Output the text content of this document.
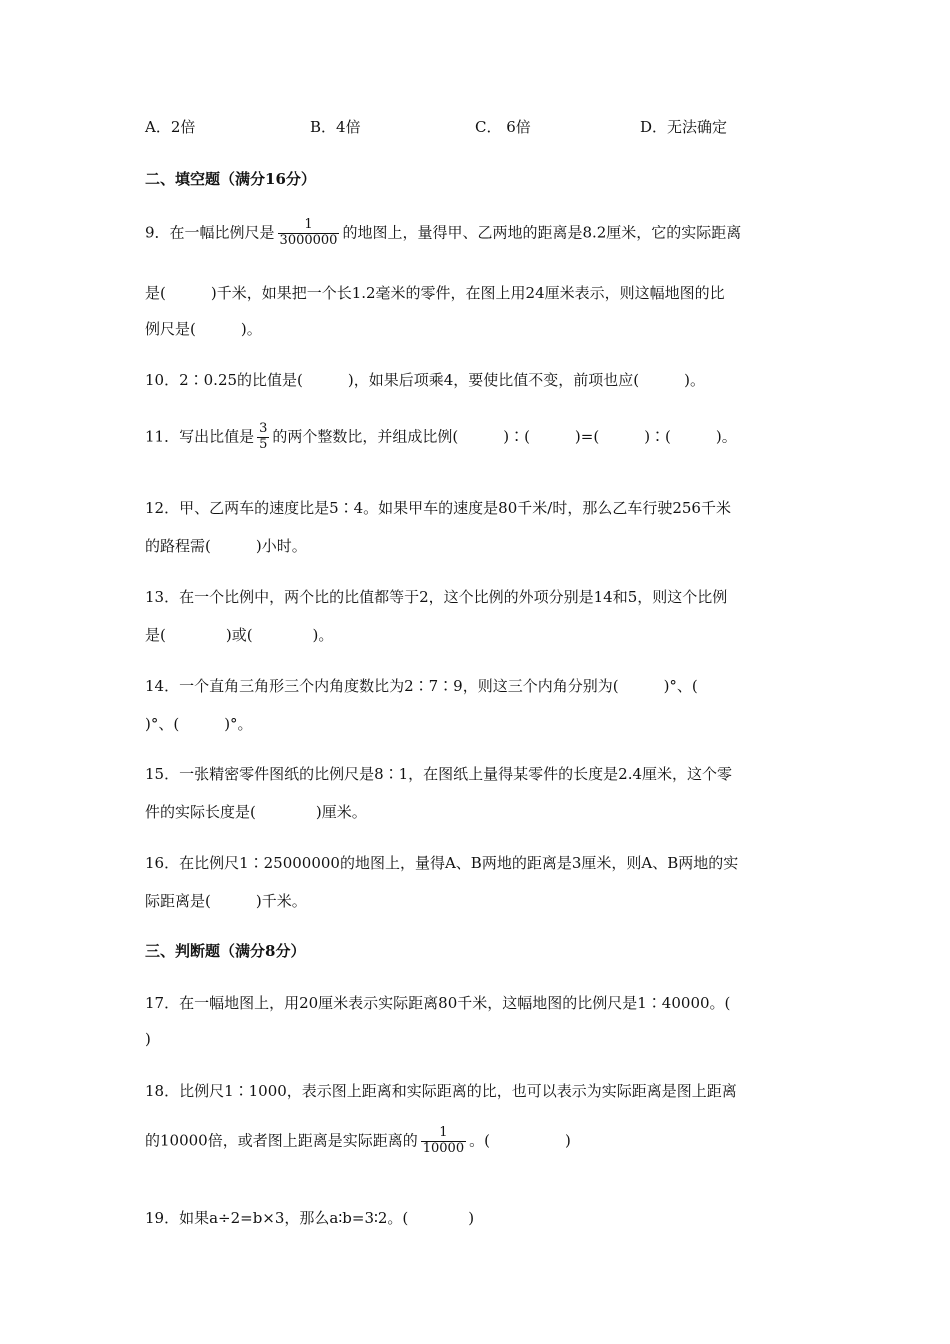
A．2倍	B．4倍	C． 6倍	D．无法确定
二、填空题（满分16分）
9．在一幅比例尺是 $\frac{1}{3000000}$ 的地图上，量得甲、乙两地的距离是8.2厘米，它的实际距离
是(　　　)千米，如果把一个长1.2毫米的零件，在图上用24厘米表示，则这幅地图的比
例尺是(　　　)。
10．2∶0.25的比值是(　　　)，如果后项乘4，要使比值不变，前项也应(　　　)。
11．写出比值是 $\frac{3}{5}$ 的两个整数比，并组成比例(　　　)∶(　　　)=(　　　)∶(　　　)。
12．甲、乙两车的速度比是5∶4。如果甲车的速度是80千米/时，那么乙车行驶256千米
的路程需(　　　)小时。
13．在一个比例中，两个比的比值都等于2，这个比例的外项分别是14和5，则这个比例
是(　　　　)或(　　　　)。
14．一个直角三角形三个内角度数比为2∶7∶9，则这三个内角分别为(　　　)°、(
)°、(　　　)°。
15．一张精密零件图纸的比例尺是8∶1，在图纸上量得某零件的长度是2.4厘米，这个零
件的实际长度是(　　　　)厘米。
16．在比例尺1∶25000000的地图上，量得A、B两地的距离是3厘米，则A、B两地的实
际距离是(　　　)千米。
三、判断题（满分8分）
17．在一幅地图上，用20厘米表示实际距离80千米，这幅地图的比例尺是1∶40000。(
)
18．比例尺1∶1000，表示图上距离和实际距离的比，也可以表示为实际距离是图上距离
的10000倍，或者图上距离是实际距离的 $\frac{1}{10000}$ 。(　　　　　)
19．如果a÷2=b×3，那么a∶b=3∶2。(　　　　)
